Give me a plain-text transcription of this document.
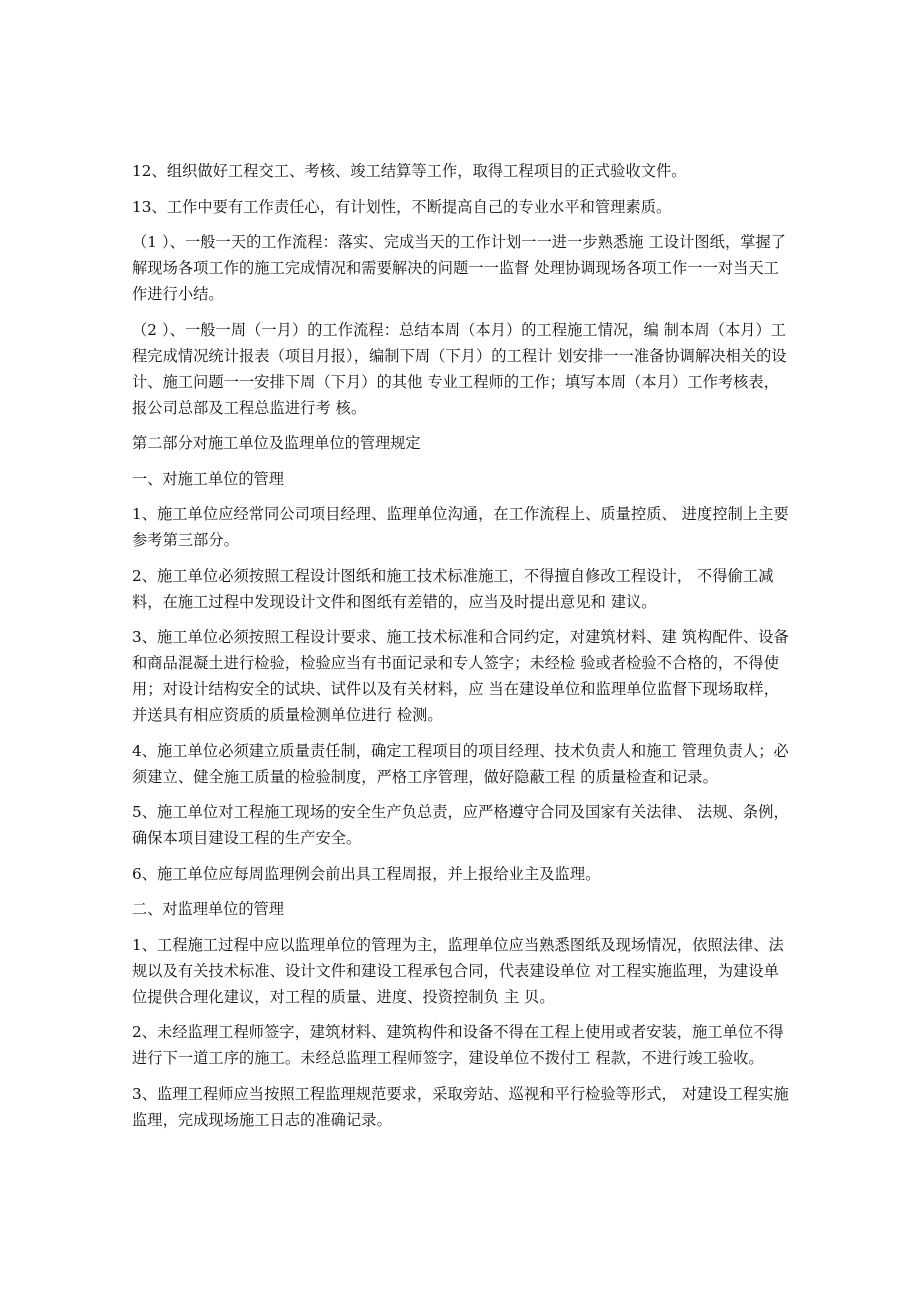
12、组织做好工程交工、考核、竣工结算等工作，取得工程项目的正式验收文件。

13、工作中要有工作责任心，有计划性，不断提高自己的专业水平和管理素质。

（1 ）、一般一天的工作流程：落实、完成当天的工作计划一一进一步熟悉施 工设计图纸，掌握了解现场各项工作的施工完成情况和需要解决的问题一一监督 处理协调现场各项工作一一对当天工作进行小结。

（2 ）、一般一周（一月）的工作流程：总结本周（本月）的工程施工情况，编 制本周（本月）工程完成情况统计报表（项目月报），编制下周（下月）的工程计 划安排一一准备协调解决相关的设计、施工问题一一安排下周（下月）的其他 专业工程师的工作；填写本周（本月）工作考核表，报公司总部及工程总监进行考 核。

第二部分对施工单位及监理单位的管理规定

一、对施工单位的管理

1、施工单位应经常同公司项目经理、监理单位沟通，在工作流程上、质量控质、 进度控制上主要参考第三部分。

2、施工单位必须按照工程设计图纸和施工技术标准施工，不得擅自修改工程设计， 不得偷工减料，在施工过程中发现设计文件和图纸有差错的，应当及时提出意见和 建议。

3、施工单位必须按照工程设计要求、施工技术标准和合同约定，对建筑材料、建 筑构配件、设备和商品混凝土进行检验，检验应当有书面记录和专人签字；未经检 验或者检验不合格的，不得使用；对设计结构安全的试块、试件以及有关材料，应 当在建设单位和监理单位监督下现场取样，并送具有相应资质的质量检测单位进行 检测。

4、施工单位必须建立质量责任制，确定工程项目的项目经理、技术负责人和施工 管理负责人；必须建立、健全施工质量的检验制度，严格工序管理，做好隐蔽工程 的质量检查和记录。

5、施工单位对工程施工现场的安全生产负总责，应严格遵守合同及国家有关法律、 法规、条例，确保本项目建设工程的生产安全。

6、施工单位应每周监理例会前出具工程周报，并上报给业主及监理。

二、对监理单位的管理

1、工程施工过程中应以监理单位的管理为主，监理单位应当熟悉图纸及现场情况，依照法律、法规以及有关技术标准、设计文件和建设工程承包合同，代表建设单位 对工程实施监理，为建设单位提供合理化建议，对工程的质量、进度、投资控制负 主 贝。

2、未经监理工程师签字，建筑材料、建筑构件和设备不得在工程上使用或者安装，施工单位不得进行下一道工序的施工。未经总监理工程师签字，建设单位不拨付工 程款，不进行竣工验收。

3、监理工程师应当按照工程监理规范要求，采取旁站、巡视和平行检验等形式， 对建设工程实施监理，完成现场施工日志的准确记录。
